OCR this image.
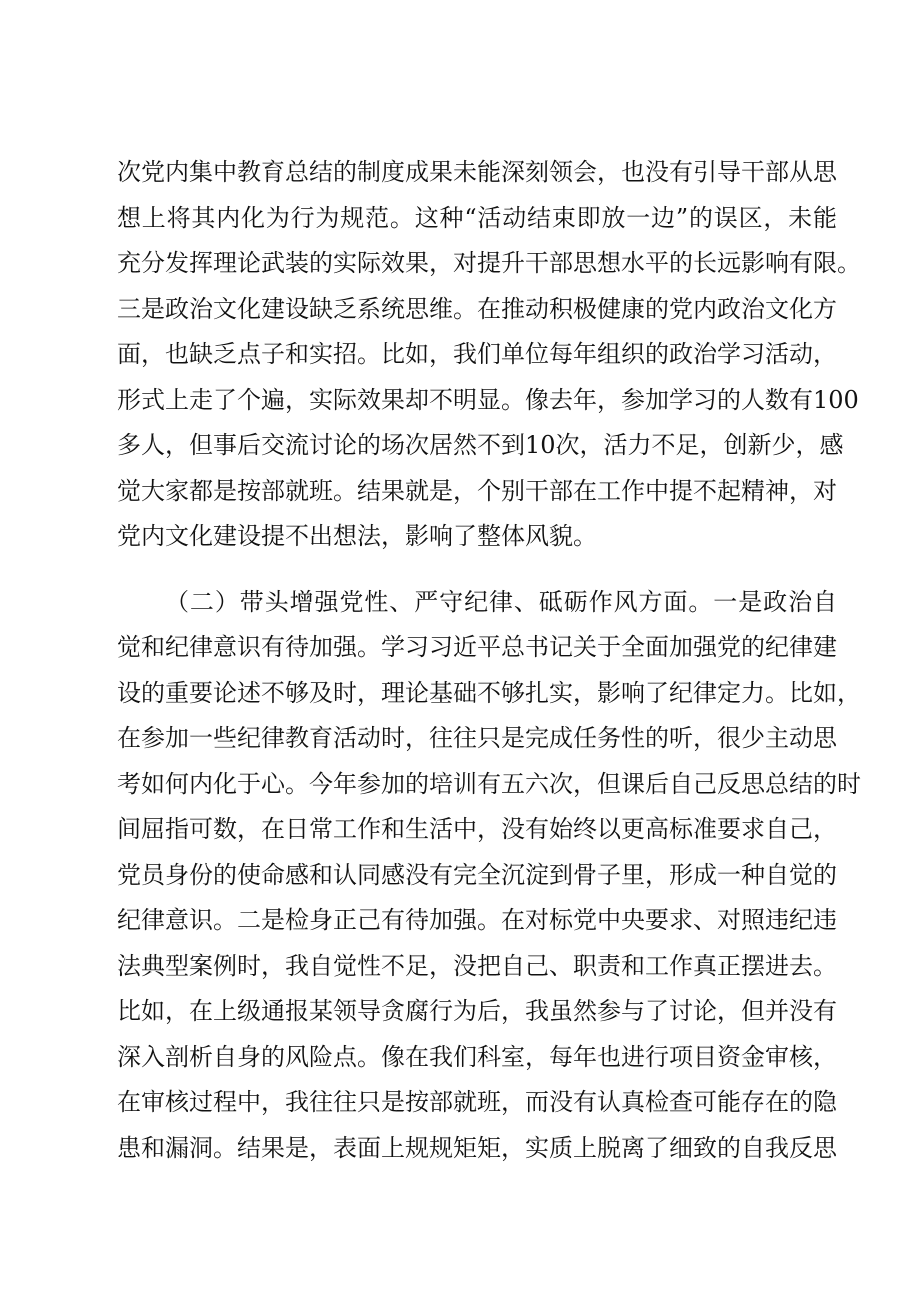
次党内集中教育总结的制度成果未能深刻领会，也没有引导干部从思
想上将其内化为行为规范。这种“活动结束即放一边”的误区，未能
充分发挥理论武装的实际效果，对提升干部思想水平的长远影响有限。
三是政治文化建设缺乏系统思维。在推动积极健康的党内政治文化方
面，也缺乏点子和实招。比如，我们单位每年组织的政治学习活动，
形式上走了个遍，实际效果却不明显。像去年，参加学习的人数有100
多人，但事后交流讨论的场次居然不到10次，活力不足，创新少，感
觉大家都是按部就班。结果就是，个别干部在工作中提不起精神，对
党内文化建设提不出想法，影响了整体风貌。
（二）带头增强党性、严守纪律、砥砺作风方面。一是政治自
觉和纪律意识有待加强。学习习近平总书记关于全面加强党的纪律建
设的重要论述不够及时，理论基础不够扎实，影响了纪律定力。比如，
在参加一些纪律教育活动时，往往只是完成任务性的听，很少主动思
考如何内化于心。今年参加的培训有五六次，但课后自己反思总结的时
间屈指可数，在日常工作和生活中，没有始终以更高标准要求自己，
党员身份的使命感和认同感没有完全沉淀到骨子里，形成一种自觉的
纪律意识。二是检身正己有待加强。在对标党中央要求、对照违纪违
法典型案例时，我自觉性不足，没把自己、职责和工作真正摆进去。
比如，在上级通报某领导贪腐行为后，我虽然参与了讨论，但并没有
深入剖析自身的风险点。像在我们科室，每年也进行项目资金审核，
在审核过程中，我往往只是按部就班，而没有认真检查可能存在的隐
患和漏洞。结果是，表面上规规矩矩，实质上脱离了细致的自我反思
